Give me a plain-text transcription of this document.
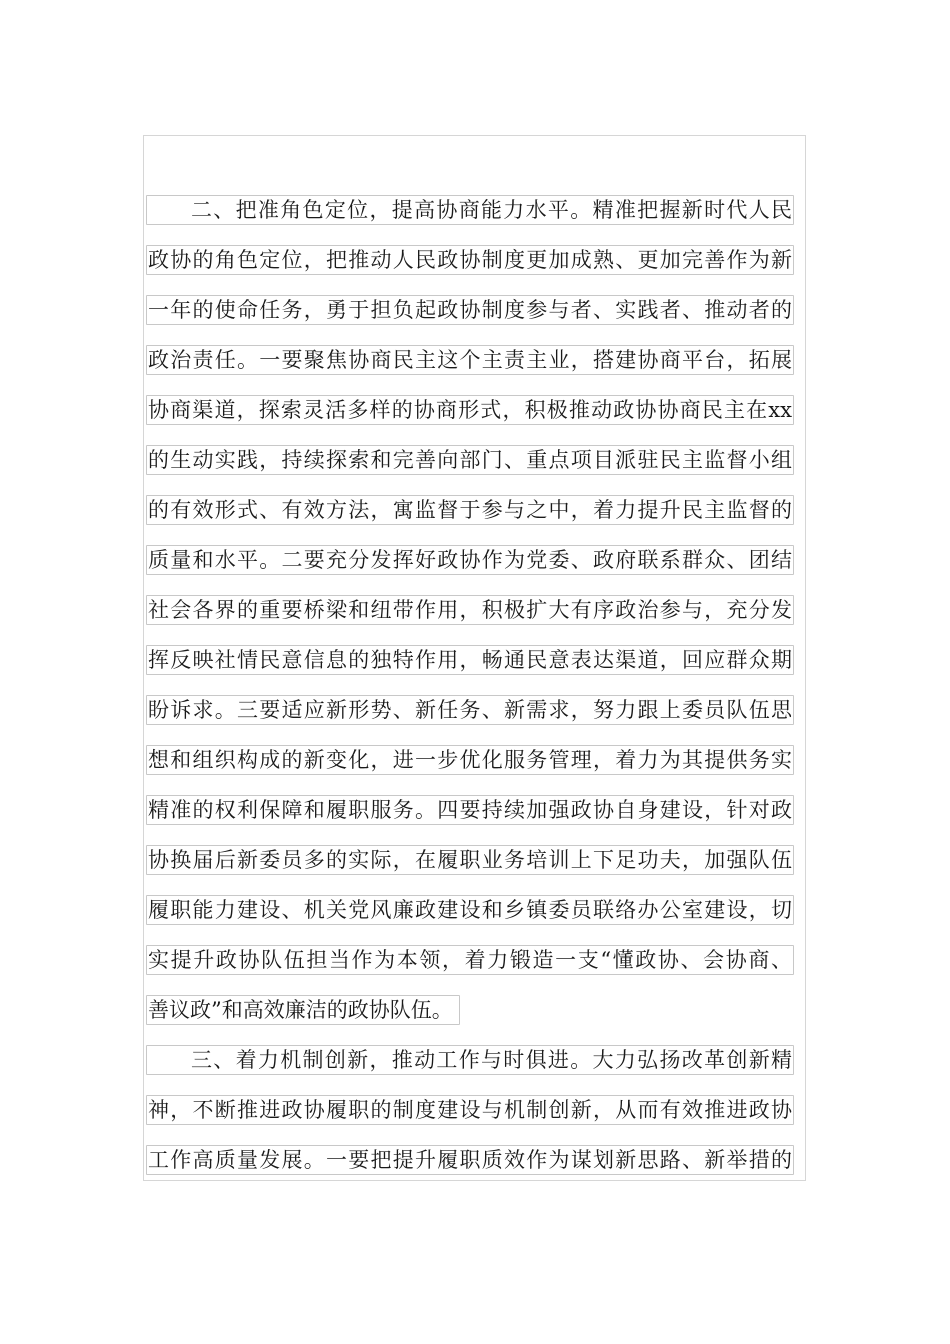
二、把准角色定位，提高协商能力水平。精准把握新时代人民
政协的角色定位，把推动人民政协制度更加成熟、更加完善作为新
一年的使命任务，勇于担负起政协制度参与者、实践者、推动者的
政治责任。一要聚焦协商民主这个主责主业，搭建协商平台，拓展
协商渠道，探索灵活多样的协商形式，积极推动政协协商民主在xx
的生动实践，持续探索和完善向部门、重点项目派驻民主监督小组
的有效形式、有效方法，寓监督于参与之中，着力提升民主监督的
质量和水平。二要充分发挥好政协作为党委、政府联系群众、团结
社会各界的重要桥梁和纽带作用，积极扩大有序政治参与，充分发
挥反映社情民意信息的独特作用，畅通民意表达渠道，回应群众期
盼诉求。三要适应新形势、新任务、新需求，努力跟上委员队伍思
想和组织构成的新变化，进一步优化服务管理，着力为其提供务实
精准的权利保障和履职服务。四要持续加强政协自身建设，针对政
协换届后新委员多的实际，在履职业务培训上下足功夫，加强队伍
履职能力建设、机关党风廉政建设和乡镇委员联络办公室建设，切
实提升政协队伍担当作为本领，着力锻造一支“懂政协、会协商、
善议政”和高效廉洁的政协队伍。
三、着力机制创新，推动工作与时俱进。大力弘扬改革创新精
神，不断推进政协履职的制度建设与机制创新，从而有效推进政协
工作高质量发展。一要把提升履职质效作为谋划新思路、新举措的
